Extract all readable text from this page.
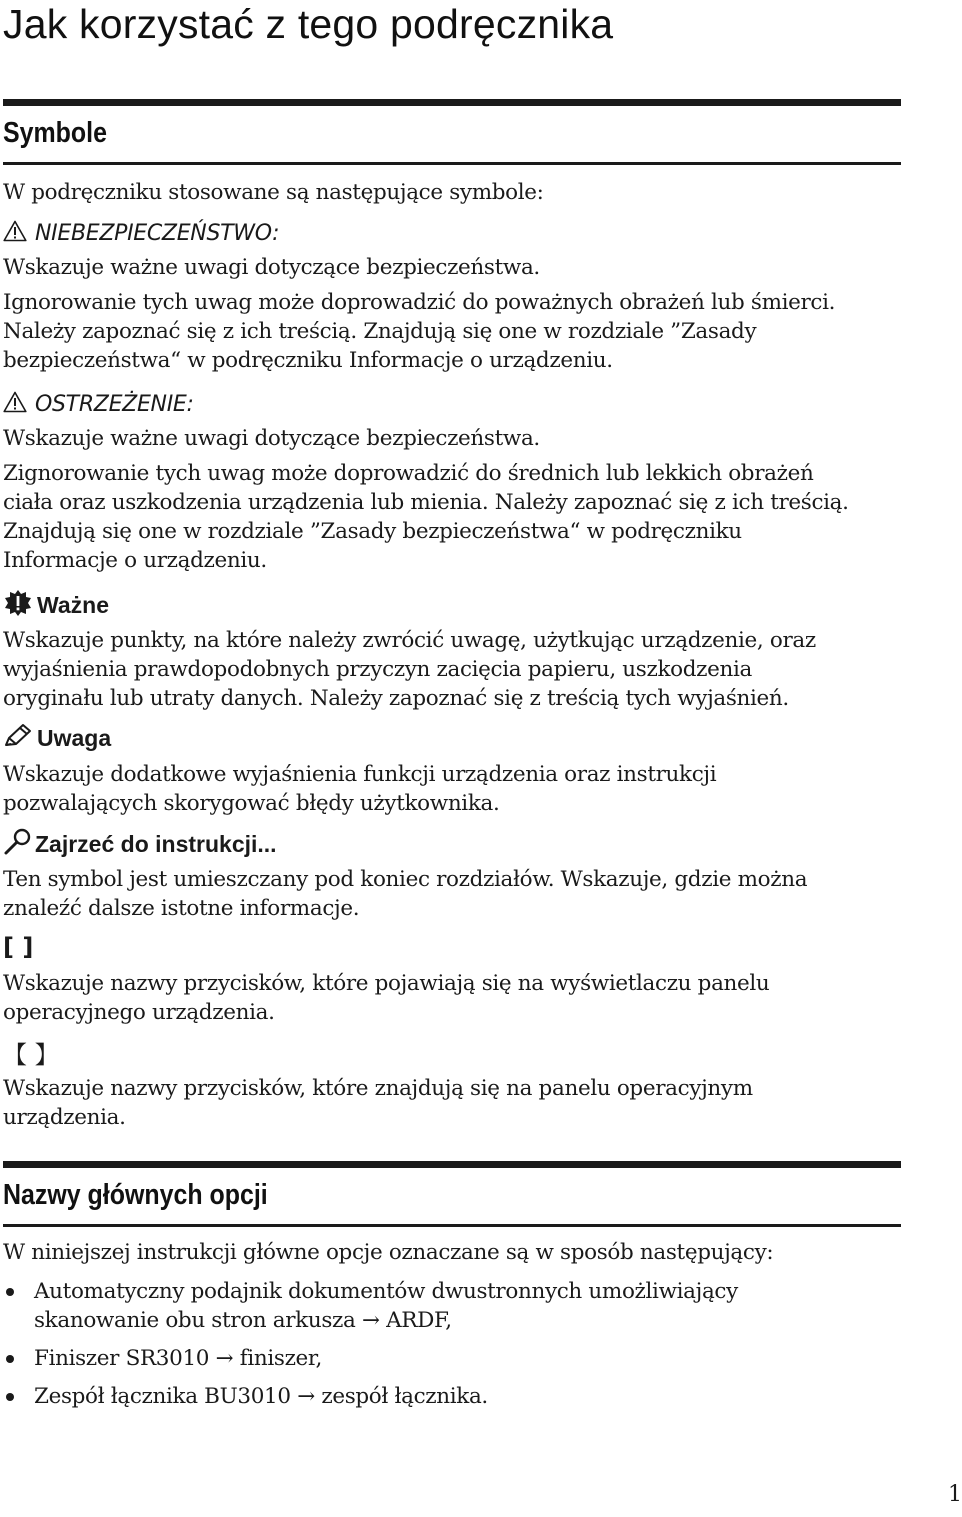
Jak korzystać z tego podręcznika
Symbole

W podręczniku stosowane są następujące symbole:

NIEBEZPIECZEŃSTWO:
Wskazuje ważne uwagi dotyczące bezpieczeństwa.
Ignorowanie tych uwag może doprowadzić do poważnych obrażeń lub śmierci.
Należy zapoznać się z ich treścią. Znajdują się one w rozdziale ”Zasady
bezpieczeństwa“ w podręczniku Informacje o urządzeniu.
OSTRZEŻENIE:
Wskazuje ważne uwagi dotyczące bezpieczeństwa.
Zignorowanie tych uwag może doprowadzić do średnich lub lekkich obrażeń
ciała oraz uszkodzenia urządzenia lub mienia. Należy zapoznać się z ich treścią.
Znajdują się one w rozdziale ”Zasady bezpieczeństwa“ w podręczniku
Informacje o urządzeniu.
Ważne
Wskazuje punkty, na które należy zwrócić uwagę, użytkując urządzenie, oraz
wyjaśnienia prawdopodobnych przyczyn zacięcia papieru, uszkodzenia
oryginału lub utraty danych. Należy zapoznać się z treścią tych wyjaśnień.
Uwaga
Wskazuje dodatkowe wyjaśnienia funkcji urządzenia oraz instrukcji
pozwalających skorygować błędy użytkownika.
Zajrzeć do instrukcji...
Ten symbol jest umieszczany pod koniec rozdziałów. Wskazuje, gdzie można
znaleźć dalsze istotne informacje.
[ ]
Wskazuje nazwy przycisków, które pojawiają się na wyświetlaczu panelu
operacyjnego urządzenia.
【 】
Wskazuje nazwy przycisków, które znajdują się na panelu operacyjnym
urządzenia.
Nazwy głównych opcji

W niniejszej instrukcji główne opcje oznaczane są w sposób następujący:

Automatyczny podajnik dokumentów dwustronnych umożliwiający
skanowanie obu stron arkusza → ARDF,
Finiszer SR3010 → finiszer,
Zespół łącznika BU3010 → zespół łącznika.
1
